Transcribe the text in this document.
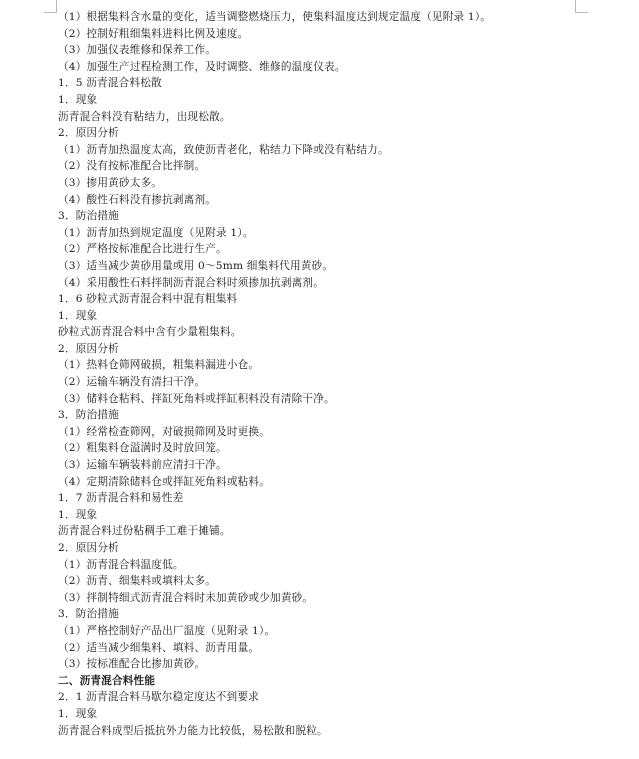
（1）根据集料含水量的变化，适当调整燃烧压力，使集料温度达到规定温度（见附录 1）。
（2）控制好粗细集料进料比例及速度。
（3）加强仪表维修和保养工作。
（4）加强生产过程检测工作，及时调整、维修的温度仪表。
1．5 沥青混合料松散
1．现象
沥青混合料没有粘结力，出现松散。
2．原因分析
（1）沥青加热温度太高，致使沥青老化，粘结力下降或没有粘结力。
（2）没有按标准配合比拌制。
（3）掺用黄砂太多。
（4）酸性石料没有掺抗剥离剂。
3．防治措施
（1）沥青加热到规定温度（见附录 1）。
（2）严格按标准配合比进行生产。
（3）适当减少黄砂用量或用 0～5mm 细集料代用黄砂。
（4）采用酸性石料拌制沥青混合料时须掺加抗剥离剂。
1．6 砂粒式沥青混合料中混有粗集料
1．现象
砂粒式沥青混合料中含有少量粗集料。
2．原因分析
（1）热料仓筛网破损，粗集料漏进小仓。
（2）运输车辆没有清扫干净。
（3）储料仓粘料、拌缸死角料或拌缸积料没有清除干净。
3．防治措施
（1）经常检查筛网，对破损筛网及时更换。
（2）粗集料仓溢满时及时放回笼。
（3）运输车辆装料前应清扫干净。
（4）定期清除储料仓或拌缸死角料或粘料。
1．7 沥青混合料和易性差
1．现象
沥青混合料过份粘稠手工难于摊铺。
2．原因分析
（1）沥青混合料温度低。
（2）沥青、细集料或填料太多。
（3）拌制特细式沥青混合料时未加黄砂或少加黄砂。
3．防治措施
（1）严格控制好产品出厂温度（见附录 1）。
（2）适当减少细集料、填料、沥青用量。
（3）按标准配合比掺加黄砂。
二、沥青混合料性能
2．1 沥青混合料马歇尔稳定度达不到要求
1．现象
沥青混合料成型后抵抗外力能力比较低，易松散和脱粒。
